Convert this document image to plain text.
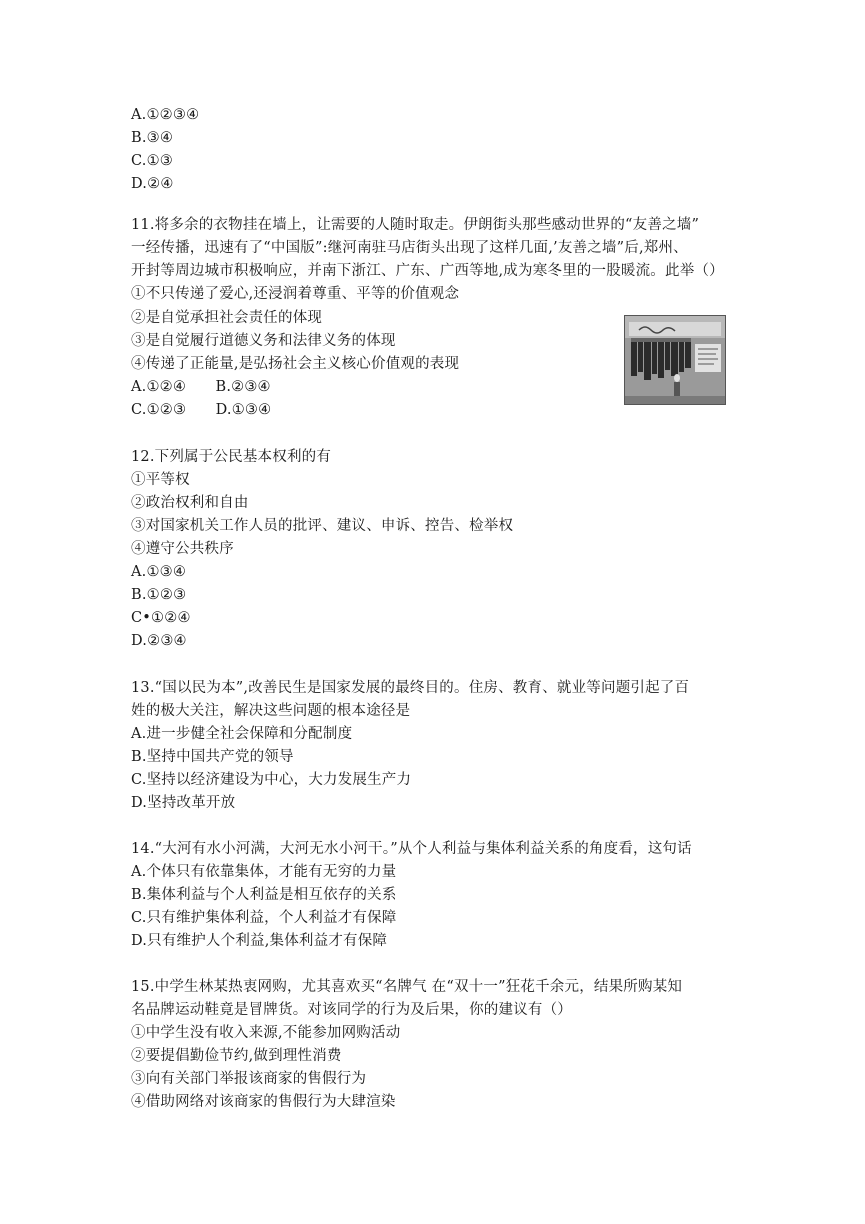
A.①②③④
B.③④
C.①③
D.②④
11.将多余的衣物挂在墙上，让需要的人随时取走。伊朗街头那些感动世界的“友善之墙”
一经传播，迅速有了“中国版”:继河南驻马店街头出现了这样几面,’友善之墙”后,郑州、
开封等周边城市积极响应，并南下浙江、广东、广西等地,成为寒冬里的一股暖流。此举（）
①不只传递了爱心,还浸润着尊重、平等的价值观念
②是自觉承担社会责任的体现
③是自觉履行道德义务和法律义务的体现
④传递了正能量,是弘扬社会主义核心价值观的表现
A.①②④　　B.②③④
C.①②③　　D.①③④
12.下列属于公民基本权利的有
①平等权
②政治权利和自由
③对国家机关工作人员的批评、建议、申诉、控告、检举权
④遵守公共秩序
A.①③④
B.①②③
C•①②④
D.②③④
13.“国以民为本”,改善民生是国家发展的最终目的。住房、教育、就业等问题引起了百
姓的极大关注，解决这些问题的根本途径是
A.进一步健全社会保障和分配制度
B.坚持中国共产党的领导
C.坚持以经济建设为中心，大力发展生产力
D.坚持改革开放
14.“大河有水小河满，大河无水小河干。”从个人利益与集体利益关系的角度看，这句话
A.个体只有依靠集体，才能有无穷的力量
B.集体利益与个人利益是相互依存的关系
C.只有维护集体利益，个人利益才有保障
D.只有维护人个利益,集体利益才有保障
15.中学生林某热衷网购，尤其喜欢买“名牌气 在“双十一”狂花千余元，结果所购某知
名品牌运动鞋竟是冒牌货。对该同学的行为及后果，你的建议有（）
①中学生没有收入来源,不能参加网购活动
②要提倡勤俭节约,做到理性消费
③向有关部门举报该商家的售假行为
④借助网络对该商家的售假行为大肆渲染
